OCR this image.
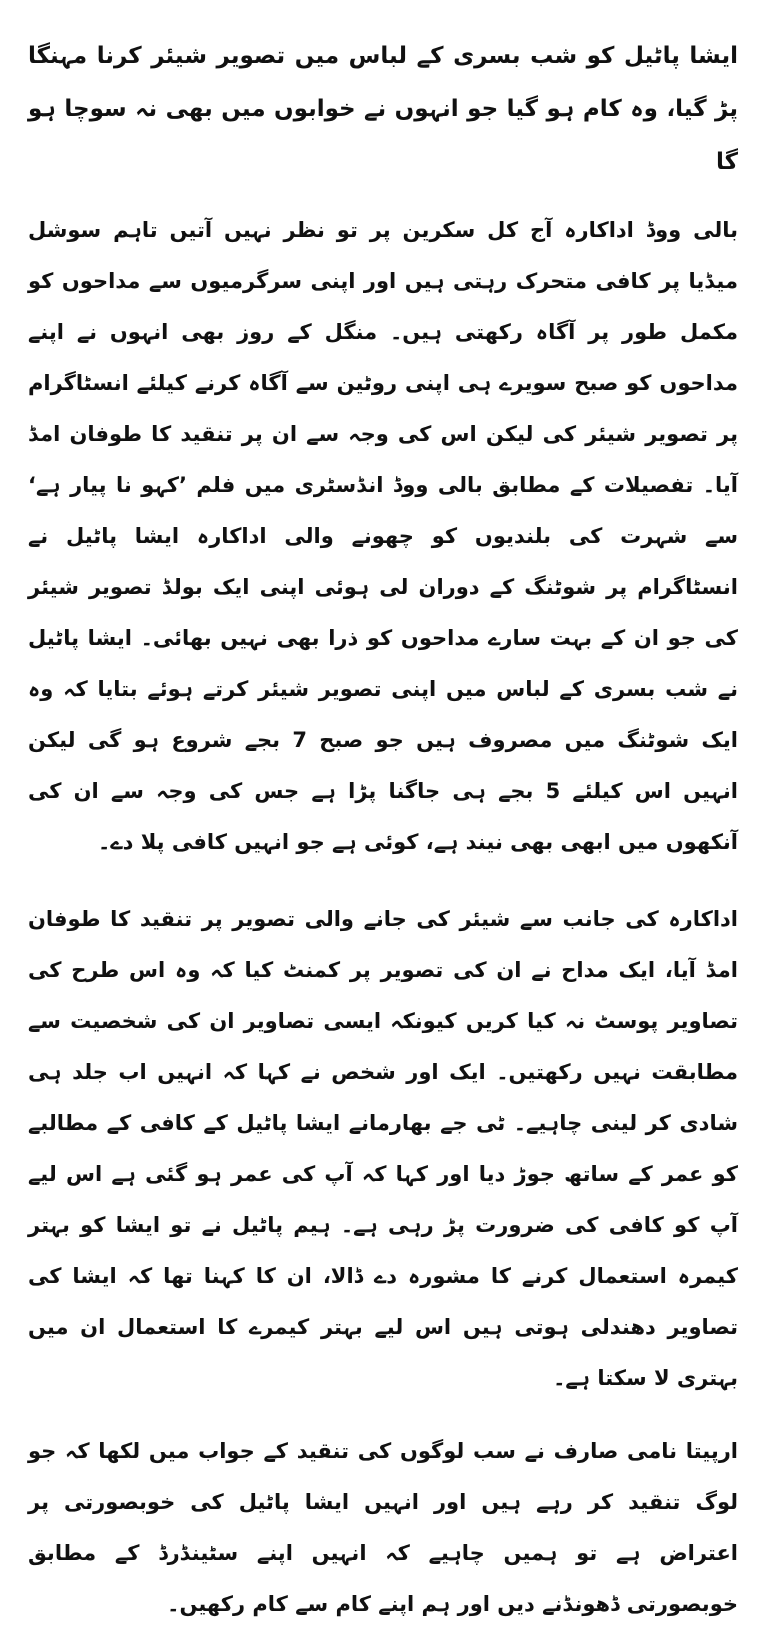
ایشا پاٹیل کو شب بسری کے لباس میں تصویر شیئر کرنا مہنگا پڑ گیا، وہ کام ہو گیا جو انہوں نے خوابوں میں بھی نہ سوچا ہو گا
بالی ووڈ اداکارہ آج کل سکرین پر تو نظر نہیں آتیں تاہم سوشل میڈیا پر کافی متحرک رہتی ہیں اور اپنی سرگرمیوں سے مداحوں کو مکمل طور پر آگاہ رکھتی ہیں۔ منگل کے روز بھی انہوں نے اپنے مداحوں کو صبح سویرے ہی اپنی روٹین سے آگاہ کرنے کیلئے انسٹاگرام پر تصویر شیئر کی لیکن اس کی وجہ سے ان پر تنقید کا طوفان امڈ آیا۔ تفصیلات کے مطابق بالی ووڈ انڈسٹری میں فلم ’کہو نا پیار ہے‘ سے شہرت کی بلندیوں کو چھونے والی اداکارہ ایشا پاٹیل نے انسٹاگرام پر شوٹنگ کے دوران لی ہوئی اپنی ایک بولڈ تصویر شیئر کی جو ان کے بہت سارے مداحوں کو ذرا بھی نہیں بھائی۔ ایشا پاٹیل نے شب بسری کے لباس میں اپنی تصویر شیئر کرتے ہوئے بتایا کہ وہ ایک شوٹنگ میں مصروف ہیں جو صبح 7 بجے شروع ہو گی لیکن انہیں اس کیلئے 5 بجے ہی جاگنا پڑا ہے جس کی وجہ سے ان کی آنکھوں میں ابھی بھی نیند ہے، کوئی ہے جو انہیں کافی پلا دے۔
اداکارہ کی جانب سے شیئر کی جانے والی تصویر پر تنقید کا طوفان امڈ آیا، ایک مداح نے ان کی تصویر پر کمنٹ کیا کہ وہ اس طرح کی تصاویر پوسٹ نہ کیا کریں کیونکہ ایسی تصاویر ان کی شخصیت سے مطابقت نہیں رکھتیں۔ ایک اور شخص نے کہا کہ انہیں اب جلد ہی شادی کر لینی چاہیے۔ ٹی جے بھارمانے ایشا پاٹیل کے کافی کے مطالبے کو عمر کے ساتھ جوڑ دیا اور کہا کہ آپ کی عمر ہو گئی ہے اس لیے آپ کو کافی کی ضرورت پڑ رہی ہے۔ ہیم پاٹیل نے تو ایشا کو بہتر کیمرہ استعمال کرنے کا مشورہ دے ڈالا، ان کا کہنا تھا کہ ایشا کی تصاویر دھندلی ہوتی ہیں اس لیے بہتر کیمرے کا استعمال ان میں بہتری لا سکتا ہے۔
ارپیتا نامی صارف نے سب لوگوں کی تنقید کے جواب میں لکھا کہ جو لوگ تنقید کر رہے ہیں اور انہیں ایشا پاٹیل کی خوبصورتی پر اعتراض ہے تو ہمیں چاہیے کہ انہیں اپنے سٹینڈرڈ کے مطابق خوبصورتی ڈھونڈنے دیں اور ہم اپنے کام سے کام رکھیں۔
